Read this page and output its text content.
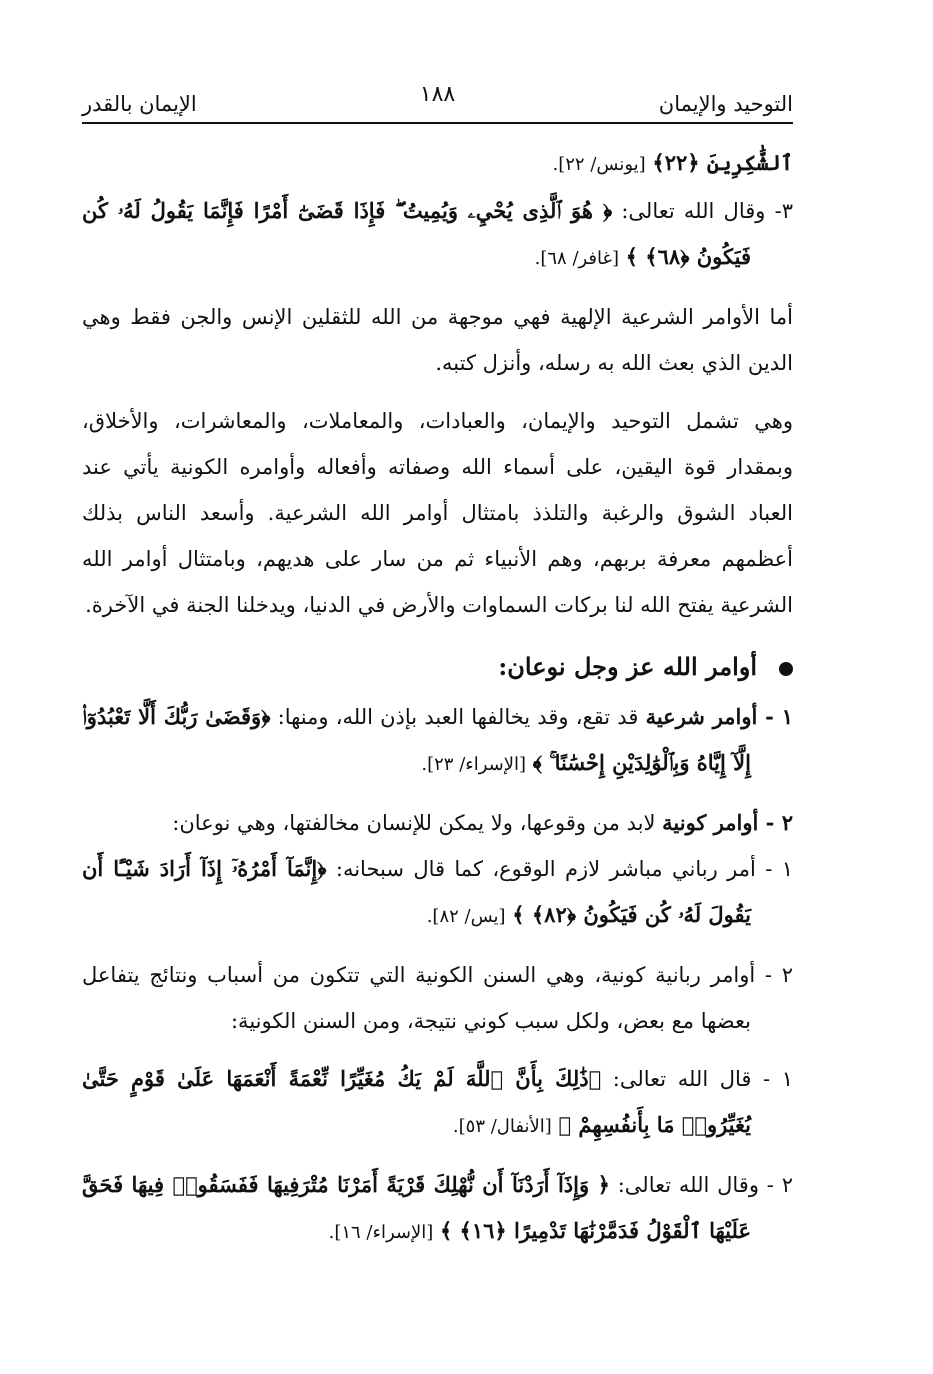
التوحيد والإيمان
١٨٨
الإيمان بالقدر

ٱلشَّٰكِرِينَ ﴿٢٢﴾ [يونس/ ٢٢].

٣- وقال الله تعالى: ﴿ هُوَ ٱلَّذِى يُحْيِۦ وَيُمِيتُ ۖ فَإِذَا قَضَىٰٓ أَمْرًا فَإِنَّمَا يَقُولُ لَهُۥ كُن فَيَكُونُ ﴿٦٨﴾ ﴾ [غافر/ ٦٨].

أما الأوامر الشرعية الإلهية فهي موجهة من الله للثقلين الإنس والجن فقط وهي الدين الذي بعث الله به رسله، وأنزل كتبه.

وهي تشمل التوحيد والإيمان، والعبادات، والمعاملات، والمعاشرات، والأخلاق، وبمقدار قوة اليقين، على أسماء الله وصفاته وأفعاله وأوامره الكونية يأتي عند العباد الشوق والرغبة والتلذذ بامتثال أوامر الله الشرعية. وأسعد الناس بذلك أعظمهم معرفة بربهم، وهم الأنبياء ثم من سار على هديهم، وبامتثال أوامر الله الشرعية يفتح الله لنا بركات السماوات والأرض في الدنيا، ويدخلنا الجنة في الآخرة.

أوامر الله عز وجل نوعان:

١ - أوامر شرعية قد تقع، وقد يخالفها العبد بإذن الله، ومنها: ﴿وَقَضَىٰ رَبُّكَ أَلَّا تَعْبُدُوٓا۟ إِلَّآ إِيَّاهُ وَبِٱلْوَٰلِدَيْنِ إِحْسَٰنًا ۚ ﴾ [الإسراء/ ٢٣].

٢ - أوامر كونية لابد من وقوعها، ولا يمكن للإنسان مخالفتها، وهي نوعان:

١ - أمر رباني مباشر لازم الوقوع، كما قال سبحانه: ﴿إِنَّمَآ أَمْرُهُۥٓ إِذَآ أَرَادَ شَيْـًٔا أَن يَقُولَ لَهُۥ كُن فَيَكُونُ ﴿٨٢﴾ ﴾ [يس/ ٨٢].

٢ - أوامر ربانية كونية، وهي السنن الكونية التي تتكون من أسباب ونتائج يتفاعل بعضها مع بعض، ولكل سبب كوني نتيجة، ومن السنن الكونية:

١ - قال الله تعالى: ﴿ذَٰلِكَ بِأَنَّ ٱللَّهَ لَمْ يَكُ مُغَيِّرًا نِّعْمَةً أَنْعَمَهَا عَلَىٰ قَوْمٍ حَتَّىٰ يُغَيِّرُوا۟ مَا بِأَنفُسِهِمْ ﴾ [الأنفال/ ٥٣].

٢ - وقال الله تعالى: ﴿ وَإِذَآ أَرَدْنَآ أَن نُّهْلِكَ قَرْيَةً أَمَرْنَا مُتْرَفِيهَا فَفَسَقُوا۟ فِيهَا فَحَقَّ عَلَيْهَا ٱلْقَوْلُ فَدَمَّرْنَٰهَا تَدْمِيرًا ﴿١٦﴾ ﴾ [الإسراء/ ١٦].
